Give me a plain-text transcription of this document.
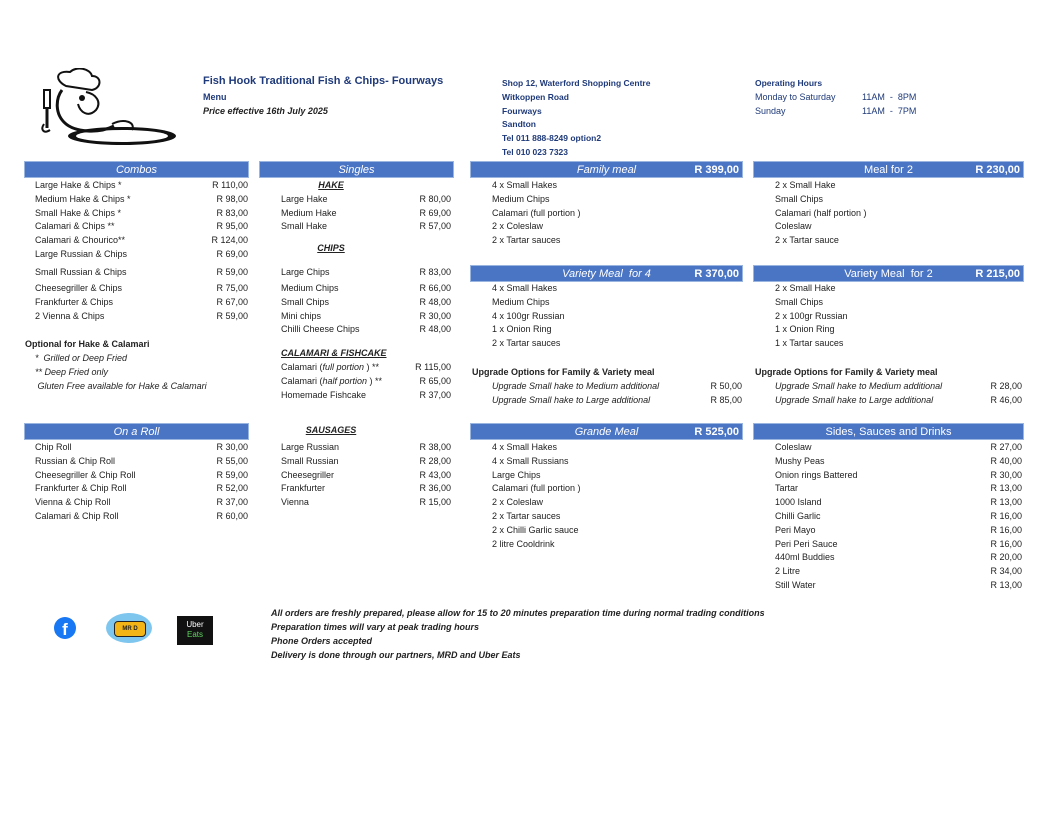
Fish Hook Traditional Fish & Chips- Fourways
Menu
Price effective 16th July 2025
Shop 12, Waterford Shopping Centre
Witkoppen Road
Fourways
Sandton
Tel 011 888-8249 option2
Tel 010 023 7323
Operating Hours
Monday to Saturday	11AM  -  8PM
Sunday	11AM  -  7PM
Combos	Singles	Family meal	R 399,00	Meal for 2	R 230,00
Large Hake & Chips *	R 110,00
Medium Hake & Chips *	R 98,00
Small Hake & Chips *	R 83,00
Calamari & Chips **	R 95,00
Calamari & Chourico**	R 124,00
Large Russian & Chips	R 69,00
Small Russian & Chips	R 59,00
Cheesegriller & Chips	R 75,00
Frankfurter & Chips	R 67,00
2 Vienna & Chips	R 59,00
Optional for Hake & Calamari
*  Grilled or Deep Fried
** Deep Fried only
Gluten Free available for Hake & Calamari
HAKE
Large Hake	R 80,00
Medium Hake	R 69,00
Small Hake	R 57,00
CHIPS
Large Chips	R 83,00
Medium Chips	R 66,00
Small Chips	R 48,00
Mini chips	R 30,00
Chilli Cheese Chips	R 48,00
CALAMARI & FISHCAKE
Calamari (full portion ) **	R 115,00
Calamari (half portion ) **	R 65,00
Homemade Fishcake	R 37,00
4 x Small Hakes
Medium Chips
Calamari (full portion )
2 x Coleslaw
2 x Tartar sauces
2 x Small Hake
Small Chips
Calamari (half portion )
Coleslaw
2 x Tartar sauce
Variety Meal  for 4	R 370,00	Variety Meal  for 2	R 215,00
4 x Small Hakes
Medium Chips
4 x 100gr Russian
1 x Onion Ring
2 x Tartar sauces
2 x Small Hake
Small Chips
2 x 100gr Russian
1 x Onion Ring
1 x Tartar sauces
Upgrade Options for Family & Variety meal
Upgrade Small hake to Medium additional	R 50,00
Upgrade Small hake to Large additional	R 85,00
Upgrade Options for Family & Variety meal
Upgrade Small hake to Medium additional	R 28,00
Upgrade Small hake to Large additional	R 46,00
On a Roll	Grande Meal	R 525,00	Sides, Sauces and Drinks
SAUSAGES
Chip Roll	R 30,00
Russian & Chip Roll	R 55,00
Cheesegriller & Chip Roll	R 59,00
Frankfurter & Chip Roll	R 52,00
Vienna & Chip Roll	R 37,00
Calamari & Chip Roll	R 60,00
Large Russian	R 38,00
Small Russian	R 28,00
Cheesegriller	R 43,00
Frankfurter	R 36,00
Vienna	R 15,00
4 x Small Hakes
4 x Small Russians
Large Chips
Calamari (full portion )
2 x Coleslaw
2 x Tartar sauces
2 x Chilli Garlic sauce
2 litre Cooldrink
Coleslaw	R 27,00
Mushy Peas	R 40,00
Onion rings Battered	R 30,00
Tartar	R 13,00
1000 Island	R 13,00
Chilli Garlic	R 16,00
Peri Mayo	R 16,00
Peri Peri Sauce	R 16,00
440ml Buddies	R 20,00
2 Litre	R 34,00
Still Water	R 13,00
f	MR D	Uber
Eats
All orders are freshly prepared, please allow for 15 to 20 minutes preparation time during normal trading conditions
Preparation times will vary at peak trading hours
Phone Orders accepted
Delivery is done through our partners, MRD and Uber Eats
